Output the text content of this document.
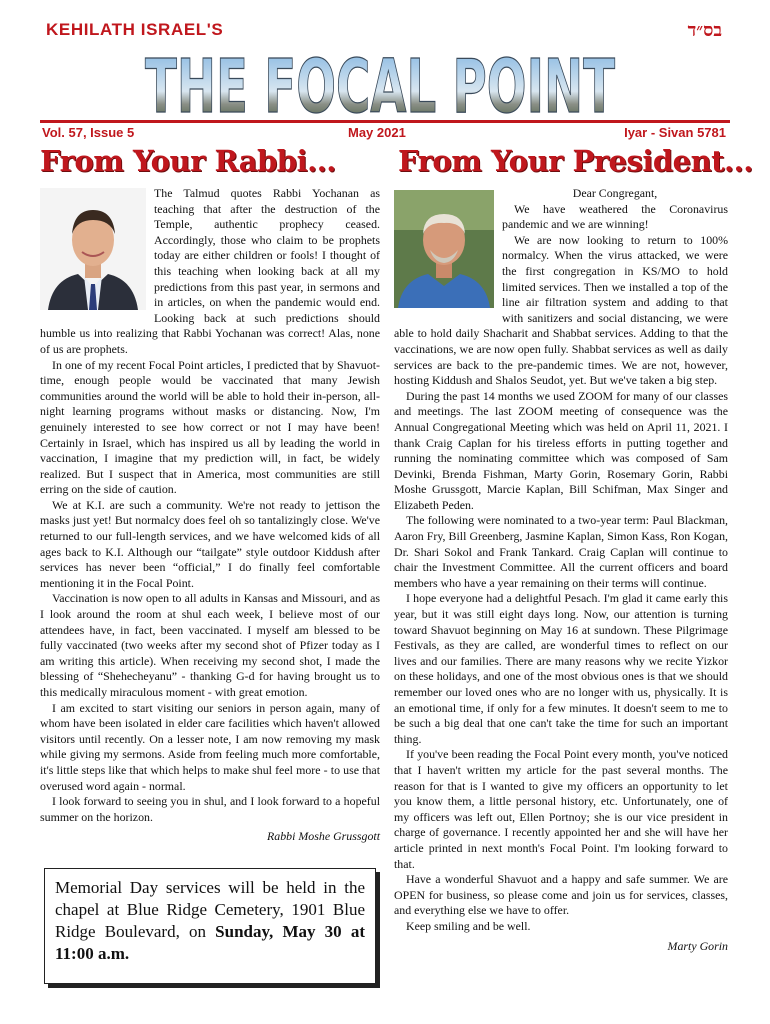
KEHILATH ISRAEL'S	בס״ד
THE FOCAL POINT
Vol. 57, Issue 5	May 2021	Iyar - Sivan 5781
From Your Rabbi... From Your President...

The Talmud quotes Rabbi Yochanan as teaching that after the destruction of the Temple, authentic prophecy ceased. Accordingly, those who claim to be prophets today are either children or fools! I thought of this teaching when looking back at all my predictions from this past year, in sermons and in articles, on when the pandemic would end. Looking back at such predictions should humble us into realizing that Rabbi Yochanan was correct! Alas, none of us are prophets.

In one of my recent Focal Point articles, I predicted that by Shavuot-time, enough people would be vaccinated that many Jewish communities around the world will be able to hold their in-person, all-night learning programs without masks or distancing. Now, I'm genuinely interested to see how correct or not I may have been! Certainly in Israel, which has inspired us all by leading the world in vaccination, I imagine that my prediction will, in fact, be widely realized. But I suspect that in America, most communities are still erring on the side of caution.

We at K.I. are such a community. We're not ready to jettison the masks just yet! But normalcy does feel oh so tantalizingly close. We've returned to our full-length services, and we have welcomed kids of all ages back to K.I. Although our “tailgate” style outdoor Kiddush after services has never been “official,” I do finally feel comfortable mentioning it in the Focal Point.

Vaccination is now open to all adults in Kansas and Missouri, and as I look around the room at shul each week, I believe most of our attendees have, in fact, been vaccinated. I myself am blessed to be fully vaccinated (two weeks after my second shot of Pfizer today as I am writing this article). When receiving my second shot, I made the blessing of “Shehecheyanu” - thanking G-d for having brought us to this medically miraculous moment - with great emotion.

I am excited to start visiting our seniors in person again, many of whom have been isolated in elder care facilities which haven't allowed visitors until recently. On a lesser note, I am now removing my mask while giving my sermons. Aside from feeling much more comfortable, it's little steps like that which helps to make shul feel more - to use that overused word again - normal.

I look forward to seeing you in shul, and I look forward to a hopeful summer on the horizon.

Rabbi Moshe Grussgott
Memorial Day services will be held in the chapel at Blue Ridge Cemetery, 1901 Blue Ridge Boulevard, on Sunday, May 30 at 11:00 a.m.

Dear Congregant,

We have weathered the Coronavirus pandemic and we are winning!

We are now looking to return to 100% normalcy. When the virus attacked, we were the first congregation in KS/MO to hold limited services. Then we installed a top of the line air filtration system and adding to that with sanitizers and social distancing, we were able to hold daily Shacharit and Shabbat services. Adding to that the vaccinations, we are now open fully. Shabbat services as well as daily services are back to the pre-pandemic times. We are not, however, hosting Kiddush and Shalos Seudot, yet. But we've taken a big step.

During the past 14 months we used ZOOM for many of our classes and meetings. The last ZOOM meeting of consequence was the Annual Congregational Meeting which was held on April 11, 2021. I thank Craig Caplan for his tireless efforts in putting together and running the nominating committee which was composed of Sam Devinki, Brenda Fishman, Marty Gorin, Rosemary Gorin, Rabbi Moshe Grussgott, Marcie Kaplan, Bill Schifman, Max Singer and Elizabeth Peden.

The following were nominated to a two-year term: Paul Blackman, Aaron Fry, Bill Greenberg, Jasmine Kaplan, Simon Kass, Ron Kogan, Dr. Shari Sokol and Frank Tankard. Craig Caplan will continue to chair the Investment Committee. All the current officers and board members who have a year remaining on their terms will continue.

I hope everyone had a delightful Pesach. I'm glad it came early this year, but it was still eight days long. Now, our attention is turning toward Shavuot beginning on May 16 at sundown. These Pilgrimage Festivals, as they are called, are wonderful times to reflect on our lives and our families. There are many reasons why we recite Yizkor on these holidays, and one of the most obvious ones is that we should remember our loved ones who are no longer with us, physically. It is an emotional time, if only for a few minutes. It doesn't seem to me to be such a big deal that one can't take the time for such an important thing.

If you've been reading the Focal Point every month, you've noticed that I haven't written my article for the past several months. The reason for that is I wanted to give my officers an opportunity to let you know them, a little personal history, etc. Unfortunately, one of my officers was left out, Ellen Portnoy; she is our vice president in charge of governance. I recently appointed her and she will have her article printed in next month's Focal Point. I'm looking forward to that.

Have a wonderful Shavuot and a happy and safe summer. We are OPEN for business, so please come and join us for services, classes, and everything else we have to offer.

Keep smiling and be well.

Marty Gorin
